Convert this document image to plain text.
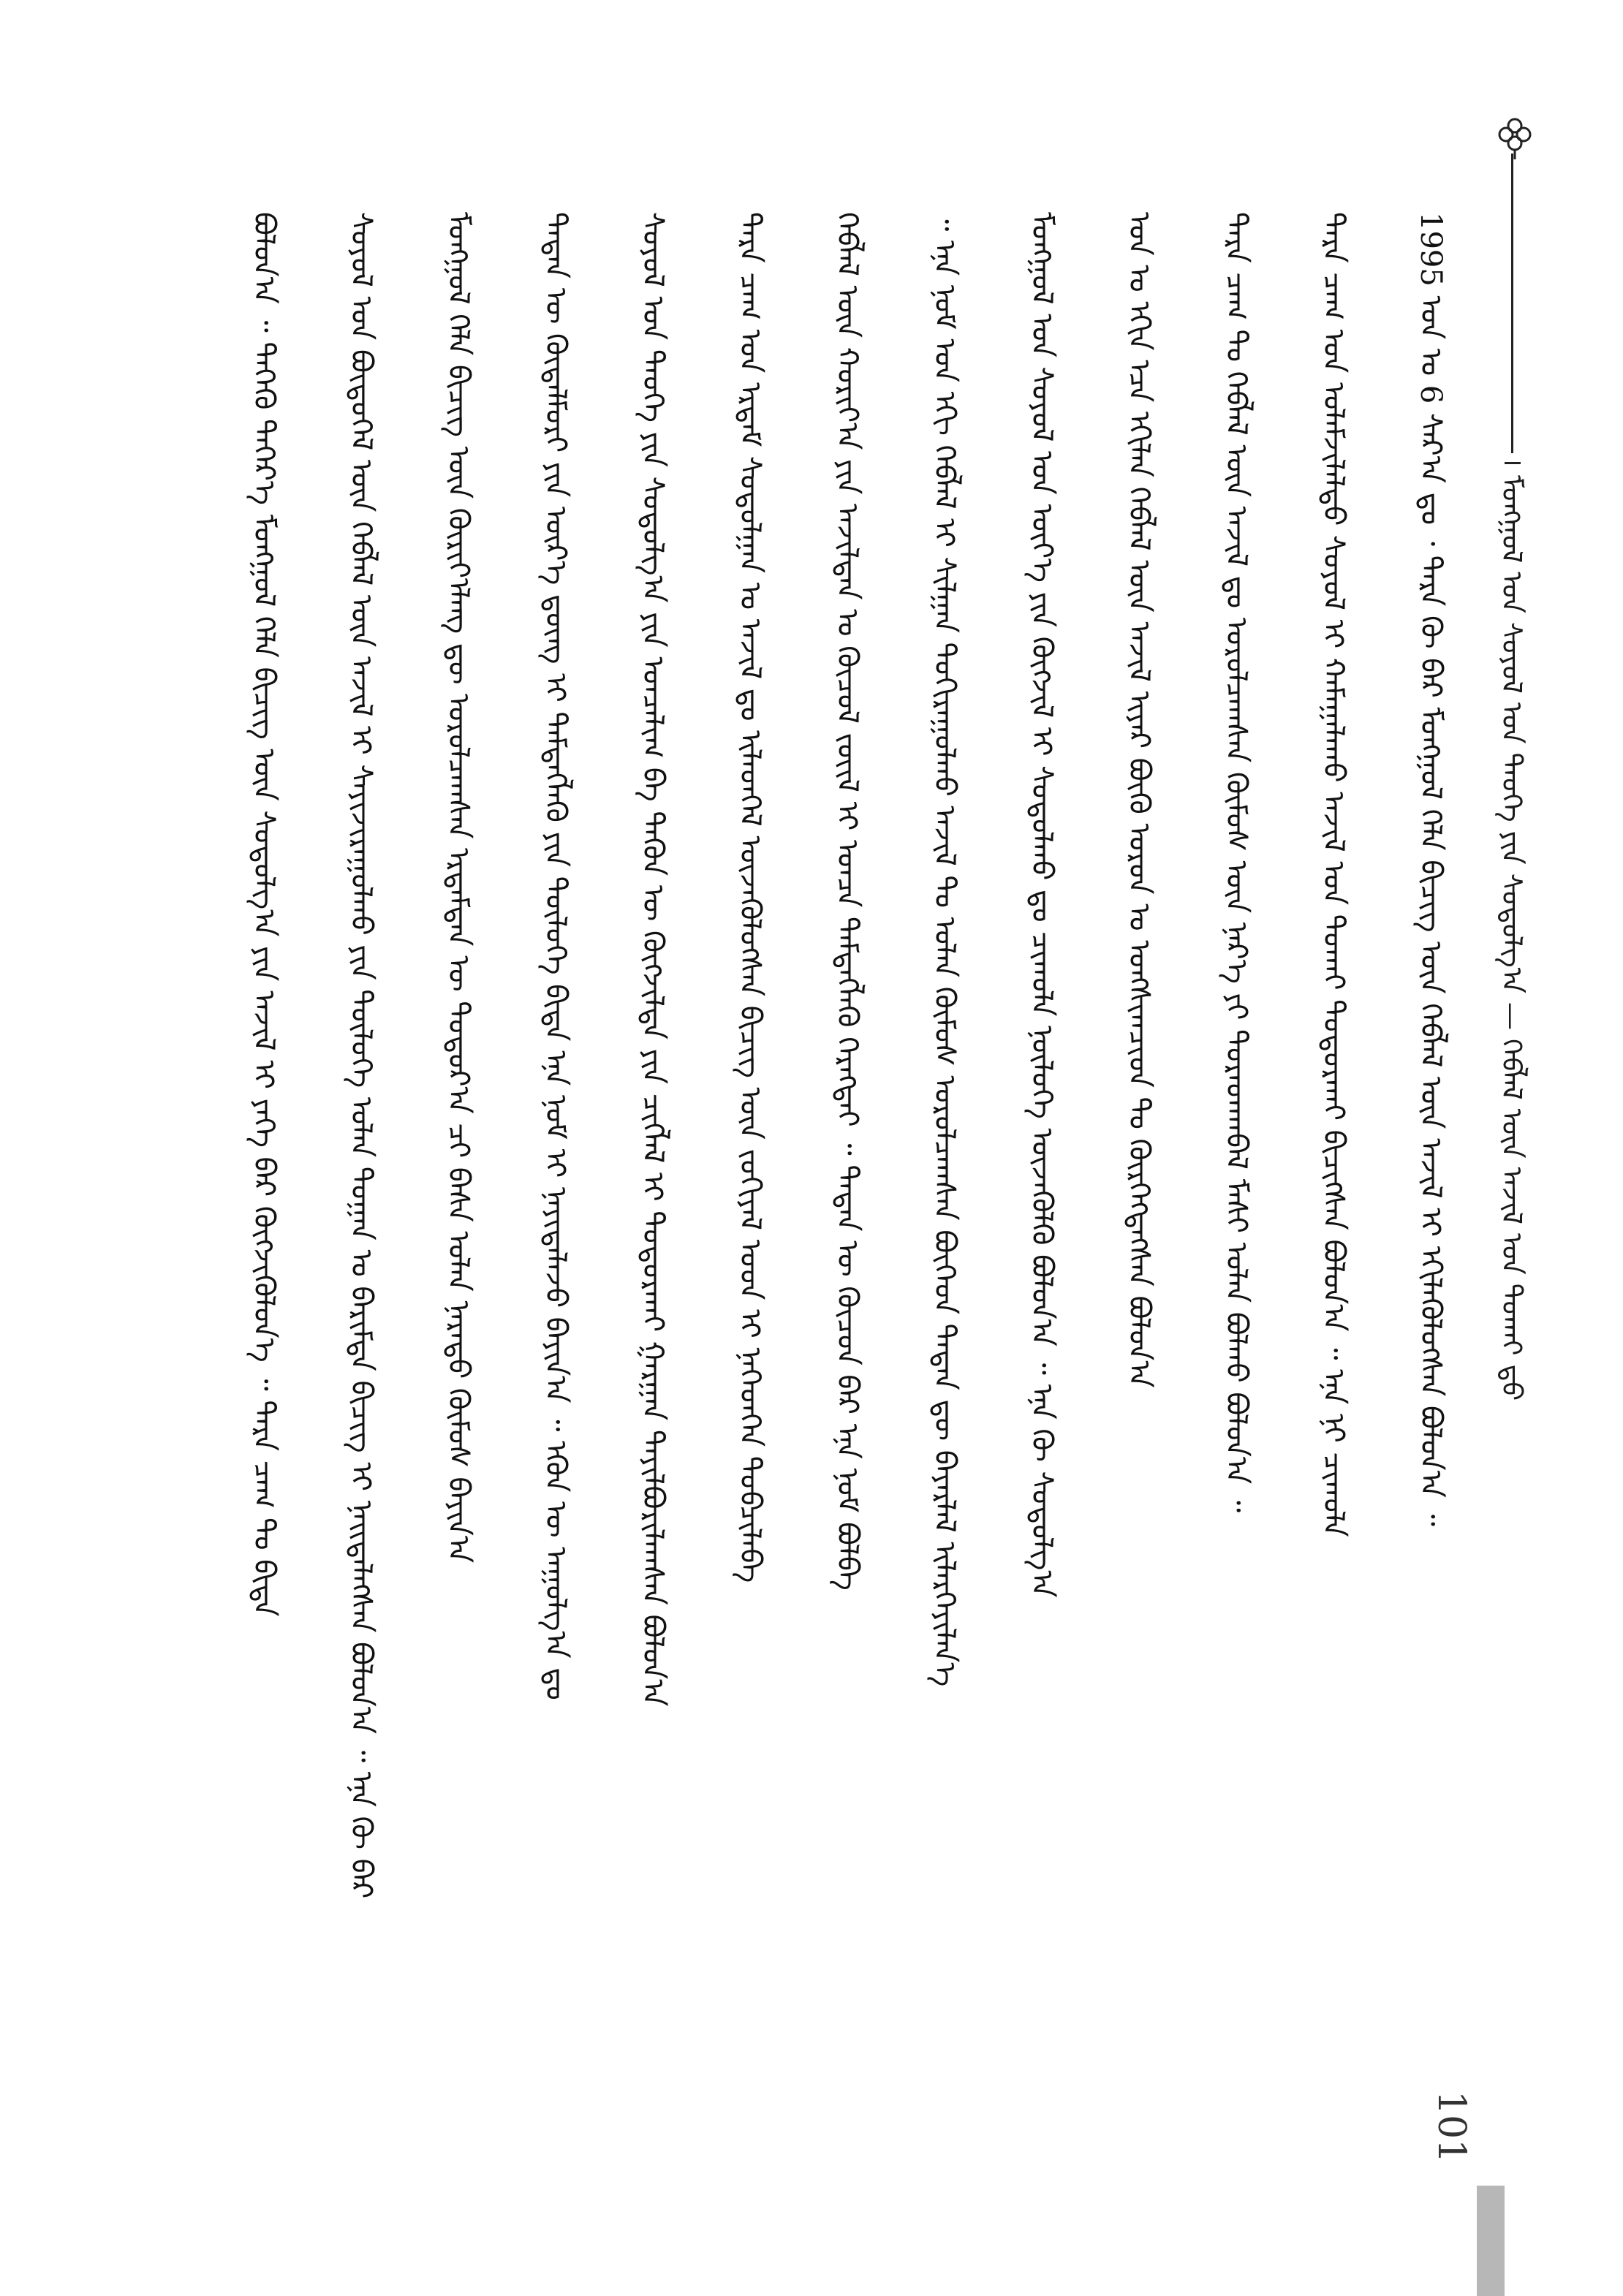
ᠮᠣᠩᠭᠣᠯ ᠤᠨ ᠰᠣᠶᠣᠯ ᠤᠨ ᠲᠡᠦᠬᠡ ᠶᠢᠨ ᠰᠤᠳᠤᠯᠭ᠎ᠠ — ᠬᠡᠪᠯᠡᠯ ᠦᠨ ᠠᠵᠢᠯ ᠤᠨ ᠲᠤᠬᠠᠢ ᠳ᠋ᠤ
ᠪᠣᠯᠤᠨ᠎ᠠ ᠃ ᠲᠡᠭᠡᠬᠦ ᠳᠡᠭᠡᠷ᠎ᠡ ᠮᠣᠩᠭᠣᠯ ᠬᠡᠯᠡ ᠪᠢᠴᠢᠭ ᠦᠨ ᠰᠤᠳᠤᠯᠭ᠎ᠠ ᠶᠢᠨ ᠠᠵᠢᠯ ᠢ ᠶᠡᠬᠡ ᠪᠡᠷ ᠬᠥᠭᠵᠢᠭᠦᠯᠦᠨ᠎ᠡ ᠃ ᠲᠡᠷᠡ ᠴᠠᠭ ᠲᠤ ᠪᠢᠳᠡ	ᠰᠣᠶᠣᠯ ᠤᠨ ᠪᠦᠲᠦᠭᠡᠯ ᠦᠨ ᠬᠡᠪᠯᠡᠯ ᠦᠨ ᠠᠵᠢᠯ ᠢ ᠰᠠᠶᠢᠵᠢᠷᠠᠭᠤᠯᠬᠤ ᠶᠢᠨ ᠲᠥᠯᠥᠭᠡ ᠣᠯᠠᠨ ᠲᠣᠭᠠᠨ ᠤ ᠪᠠᠷᠢᠮᠲᠠ ᠪᠢᠴᠢᠭ ᠢ ᠨᠡᠢᠲᠡᠯᠡᠭᠰᠡᠨ ᠪᠣᠯᠤᠨ᠎ᠠ ᠃ ᠡᠨᠡ ᠬᠦ ᠪᠡᠷ	ᠮᠣᠩᠭᠣᠯ ᠬᠡᠯᠡ ᠪᠢᠴᠢᠭ ᠦᠨ ᠬᠦᠷᠢᠶ᠎ᠡᠯᠡᠩ ᠳᠦ ᠣᠷᠣᠯᠴᠠᠭᠰᠠᠨ ᠡᠷᠳᠡᠮᠲᠡᠨ ᠦ ᠳᠣᠲᠣᠷ᠎ᠠ ᠴᠢ ᠪᠠᠰᠠ ᠣᠯᠠᠨ ᠨᠡᠷᠡᠲᠦ ᠬᠦᠮᠦᠰ ᠪᠠᠶᠢᠨ᠎ᠠ	ᠲᠡᠳᠡᠨ ᠦ ᠬᠥᠳᠡᠯᠮᠦᠷᠢ ᠶᠢᠨ ᠦᠷ᠎ᠡ ᠳ᠋ᠦᠩ ᠢ ᠲᠡᠮᠳᠡᠭᠯᠡᠬᠦ ᠶᠢᠨ ᠲᠥᠯᠥᠭᠡ ᠪᠢᠳᠡ ᠡᠨᠡ ᠨᠣᠮ ᠢ ᠨᠡᠶᠢᠲᠡᠯᠡᠵᠦ ᠪᠠᠶᠢᠨ᠎ᠠ ᠃ ᠡᠭᠦᠨ ᠦ ᠠᠭᠤᠯᠭ᠎ᠠ ᠳᠤ	ᠰᠣᠶᠣᠯ ᠤᠨ ᠲᠡᠦᠬᠡ ᠶᠢᠨ ᠰᠤᠳᠤᠯᠭ᠎ᠠ ᠶᠢᠨ ᠣᠨᠴᠠᠯᠢᠭ ᠪᠠ ᠲᠡᠭᠦᠨ ᠦ ᠬᠥᠭᠵᠢᠯᠲᠡ ᠶᠢᠨ ᠴᠢᠭᠯᠡᠯ ᠢ ᠲᠣᠳᠣᠷᠬᠠᠶ ᠭᠠᠷᠭᠠᠨ ᠲᠠᠶᠢᠯᠪᠤᠷᠢᠯᠠᠭᠰᠠᠨ ᠪᠣᠯᠤᠨ᠎ᠠ	ᠲᠡᠷᠡ ᠴᠠᠭ ᠤᠨ ᠡᠷᠳᠡᠮ ᠰᠤᠳᠤᠯᠭᠠᠨ ᠤ ᠠᠵᠢᠯ ᠳᠤ ᠢᠯᠡᠳᠭᠡᠯ ᠦᠵᠡᠭᠦᠯᠦᠭᠰᠡᠨ ᠪᠢᠴᠢᠭ ᠦᠨ ᠵᠣᠬᠢᠶᠠᠯ ᠤᠳ ᠢ ᠨᠡᠭᠡᠳᠭᠡᠨ ᠲᠣᠪᠴᠢᠯᠠᠪᠠ	ᠬᠡᠪᠯᠡᠯ ᠦᠨ ᠬᠣᠷᠢᠶ᠎ᠠ ᠶᠢᠨ ᠠᠵᠢᠯᠲᠠᠨ ᠤ ᠬᠥᠴᠦᠯ ᠵᠦᠢᠯ ᠢ ᠣᠨᠴᠠ ᠲᠡᠮᠳᠡᠭᠯᠡᠬᠦ ᠬᠡᠷᠡᠭᠲᠡᠢ ᠃ ᠲᠡᠳᠡᠨ ᠦ ᠬᠦᠴᠦᠨ ᠪᠡᠷ ᠡᠨᠡ ᠨᠣᠮ ᠪᠣᠯᠪᠠ	᠃ ᠡᠨᠡ ᠨᠣᠮ ᠤᠨ ᠡᠬᠢ ᠬᠡᠪᠯᠡᠯ ᠢ ᠰᠢᠯᠭᠠᠨ ᠲᠣᠬᠢᠷᠠᠭᠤᠯᠬᠤ ᠠᠵᠢᠯ ᠲᠤ ᠣᠯᠠᠨ ᠬᠦᠮᠦᠰ ᠣᠷᠣᠯᠴᠠᠭᠰᠠᠨ ᠪᠥᠭᠡᠳ ᠲᠡᠳᠡᠨ ᠳᠦ ᠪᠠᠶᠠᠷᠯᠠᠯ ᠢᠯᠡᠷᠬᠡᠶᠢᠯᠡᠨ᠎ᠡ	ᠮᠣᠩᠭᠣᠯ ᠤᠨ ᠰᠣᠶᠣᠯ ᠤᠨ ᠦᠶ᠎ᠡ ᠶᠢᠨ ᠬᠥᠭᠵᠢᠯ ᠢ ᠰᠤᠳᠤᠯᠬᠤ ᠳᠤ ᠴᠢᠬᠤᠯᠠ ᠨᠥᠯᠥᠭᠡ ᠦᠵᠡᠭᠦᠯᠬᠦ ᠪᠣᠯᠤᠨ᠎ᠠ ᠃ ᠡᠨᠡ ᠬᠦ ᠰᠤᠳᠤᠯᠭ᠎ᠠ	ᠣᠨ ᠤ ᠡᠬᠢᠨ ᠡᠴᠡ ᠡᠬᠢᠯᠡᠨ ᠬᠡᠪᠯᠡᠯ ᠦᠨ ᠠᠵᠢᠯ ᠢᠶᠠᠷ ᠪᠥᠬᠦ ᠣᠷᠣᠨ ᠤ ᠤᠩᠰᠢᠭᠴᠢᠳ ᠲᠤ ᠬᠦᠷᠭᠡᠭᠳᠡᠭᠰᠡᠨ ᠪᠣᠯᠤᠨ᠎ᠠ	ᠲᠡᠷᠡ ᠴᠠᠭ ᠲᠤ ᠬᠡᠪᠯᠡᠯ ᠦᠨ ᠠᠵᠢᠯ ᠳᠤ ᠣᠷᠣᠯᠴᠠᠭᠰᠠᠨ ᠬᠦᠮᠦᠰ ᠦᠨ ᠨᠡᠷ᠎ᠡ ᠶᠢ ᠳᠤᠷᠠᠳᠬᠠᠪᠠᠯ ᠮᠠᠰᠢ ᠣᠯᠠᠨ ᠪᠣᠯᠬᠤ ᠪᠣᠯᠤᠨ᠎ᠠ ᠃	ᠲᠡᠷᠡ ᠴᠠᠭ ᠤᠨ ᠤᠯᠠᠮᠵᠢᠯᠠᠯᠲᠤ ᠰᠣᠶᠣᠯ ᠢ ᠬᠠᠮᠠᠭᠠᠯᠠᠬᠤ ᠠᠵᠢᠯ ᠤᠨ ᠲᠤᠬᠠᠢ ᠲᠣᠳᠣᠷᠬᠠᠢ ᠪᠢᠴᠢᠭᠰᠡᠨ ᠪᠣᠯᠤᠨ᠎ᠠ ᠃ ᠡᠨᠡ ᠨᠢ ᠴᠢᠬᠤᠯᠠ	1995 ᠣᠨ ᠤ 6 ᠰᠠᠷ᠎ᠠ ᠳᠤ ᠂ ᠲᠡᠷᠡ ᠬᠦ ᠪᠡᠷ ᠮᠣᠩᠭᠣᠯ ᠬᠡᠯᠡ ᠪᠢᠴᠢᠭ ᠦᠨ ᠬᠡᠪᠯᠡᠯ ᠦᠨ ᠠᠵᠢᠯ ᠢ ᠡᠬᠢᠯᠡᠭᠦᠯᠦᠭᠰᠡᠨ ᠪᠣᠯᠤᠨ᠎ᠠ ᠃
101
